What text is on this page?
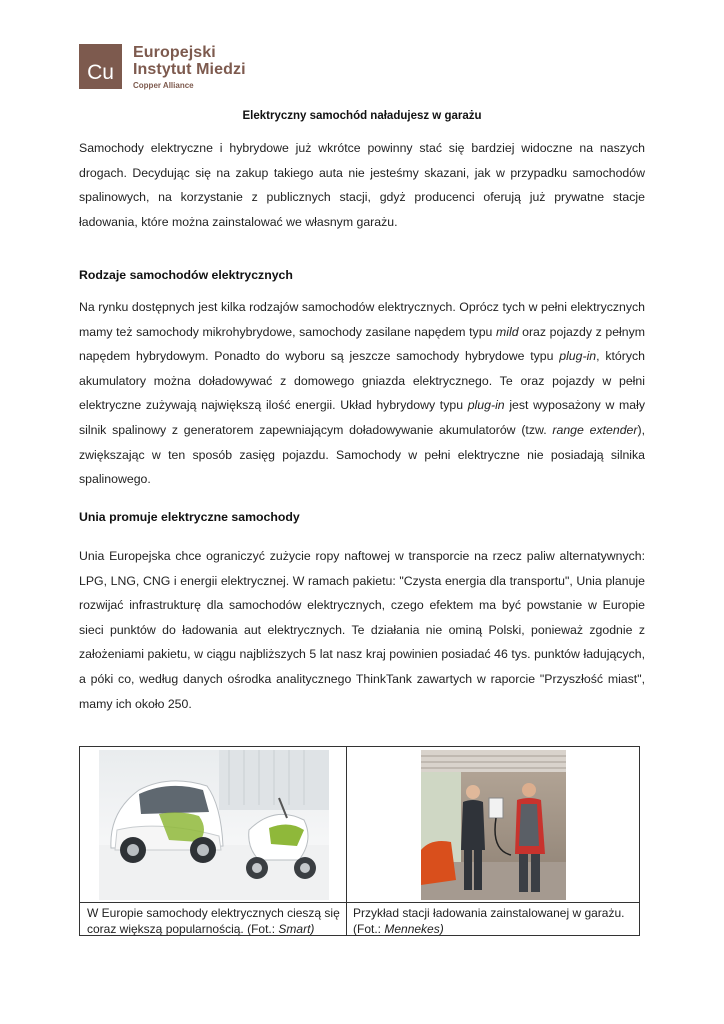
Cu
Europejski
Instytut Miedzi
Copper Alliance
Elektryczny samochód naładujesz w garażu

Samochody elektryczne i hybrydowe już wkrótce powinny stać się bardziej widoczne na naszych drogach. Decydując się na zakup takiego auta nie jesteśmy skazani, jak w przypadku samochodów spalinowych, na korzystanie z publicznych stacji, gdyż producenci oferują już prywatne stacje ładowania, które można zainstalować we własnym garażu.

Rodzaje samochodów elektrycznych

Na rynku dostępnych jest kilka rodzajów samochodów elektrycznych. Oprócz tych w pełni elektrycznych mamy też samochody mikrohybrydowe, samochody zasilane napędem typu mild oraz pojazdy z pełnym napędem hybrydowym. Ponadto do wyboru są jeszcze samochody hybrydowe typu plug-in, których akumulatory można doładowywać z domowego gniazda elektrycznego. Te oraz pojazdy w pełni elektryczne zużywają największą ilość energii. Układ hybrydowy typu plug-in jest wyposażony w mały silnik spalinowy z generatorem zapewniającym doładowywanie akumulatorów (tzw. range extender), zwiększając w ten sposób zasięg pojazdu. Samochody w pełni elektryczne nie posiadają silnika spalinowego.

Unia promuje elektryczne samochody

Unia Europejska chce ograniczyć zużycie ropy naftowej w transporcie na rzecz paliw alternatywnych: LPG, LNG, CNG i energii elektrycznej. W ramach pakietu: "Czysta energia dla transportu", Unia planuje rozwijać infrastrukturę dla samochodów elektrycznych, czego efektem ma być powstanie w Europie sieci punktów do ładowania aut elektrycznych. Te działania nie ominą Polski, ponieważ zgodnie z założeniami pakietu, w ciągu najbliższych 5 lat nasz kraj powinien posiadać 46 tys. punktów ładujących, a póki co, według danych ośrodka analitycznego ThinkTank zawartych w raporcie "Przyszłość miast", mamy ich około 250.

W Europie samochody elektrycznych cieszą się coraz większą popularnością. (Fot.: Smart)
Przykład stacji ładowania zainstalowanej w garażu.(Fot.: Mennekes)
